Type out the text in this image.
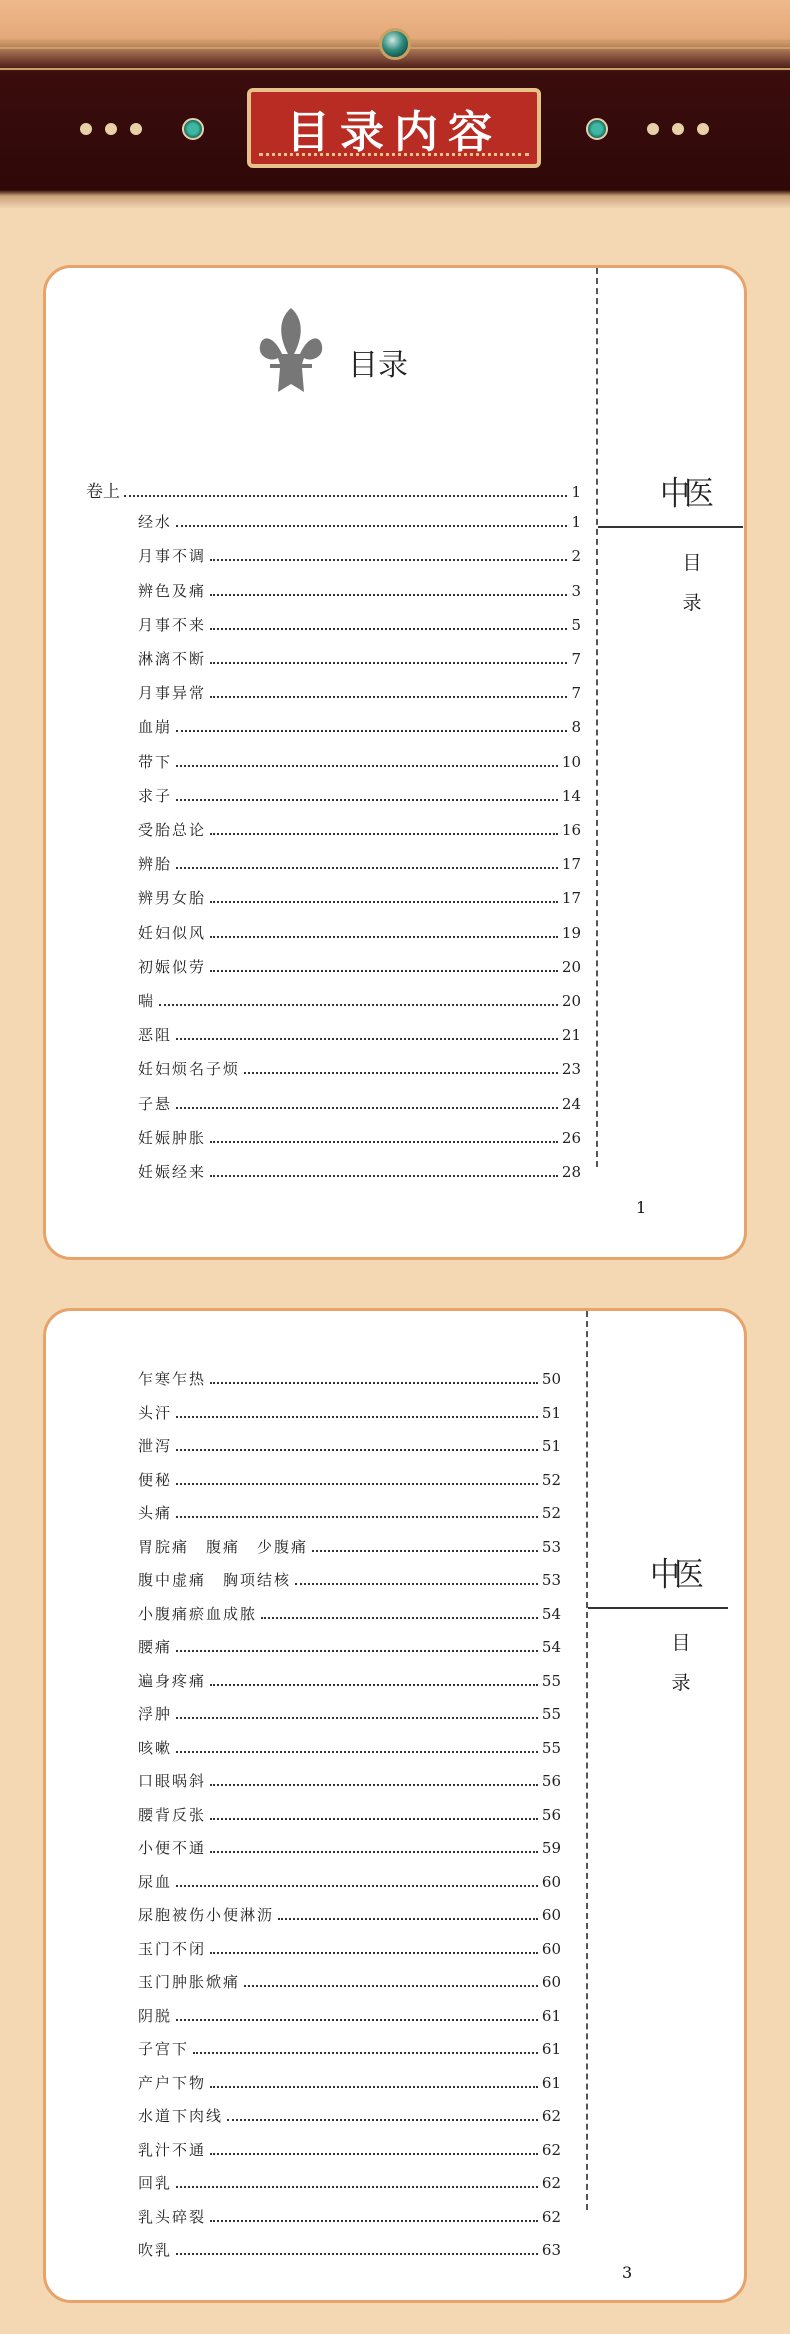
目录内容
目录
卷上	1
经水	1
月事不调	2
辨色及痛	3
月事不来	5
淋漓不断	7
月事异常	7
血崩	8
带下	10
求子	14
受胎总论	16
辨胎	17
辨男女胎	17
妊妇似风	19
初娠似劳	20
喘	20
恶阻	21
妊妇烦名子烦	23
子悬	24
妊娠肿胀	26
妊娠经来	28
中医
目
录
1
乍寒乍热	50
头汗	51
泄泻	51
便秘	52
头痛	52
胃脘痛　腹痛　少腹痛	53
腹中虚痛　胸项结核	53
小腹痛瘀血成脓	54
腰痛	54
遍身疼痛	55
浮肿	55
咳嗽	55
口眼㖞斜	56
腰背反张	56
小便不通	59
尿血	60
尿胞被伤小便淋沥	60
玉门不闭	60
玉门肿胀焮痛	60
阴脱	61
子宫下	61
产户下物	61
水道下肉线	62
乳汁不通	62
回乳	62
乳头碎裂	62
吹乳	63
中医
目
录
3
